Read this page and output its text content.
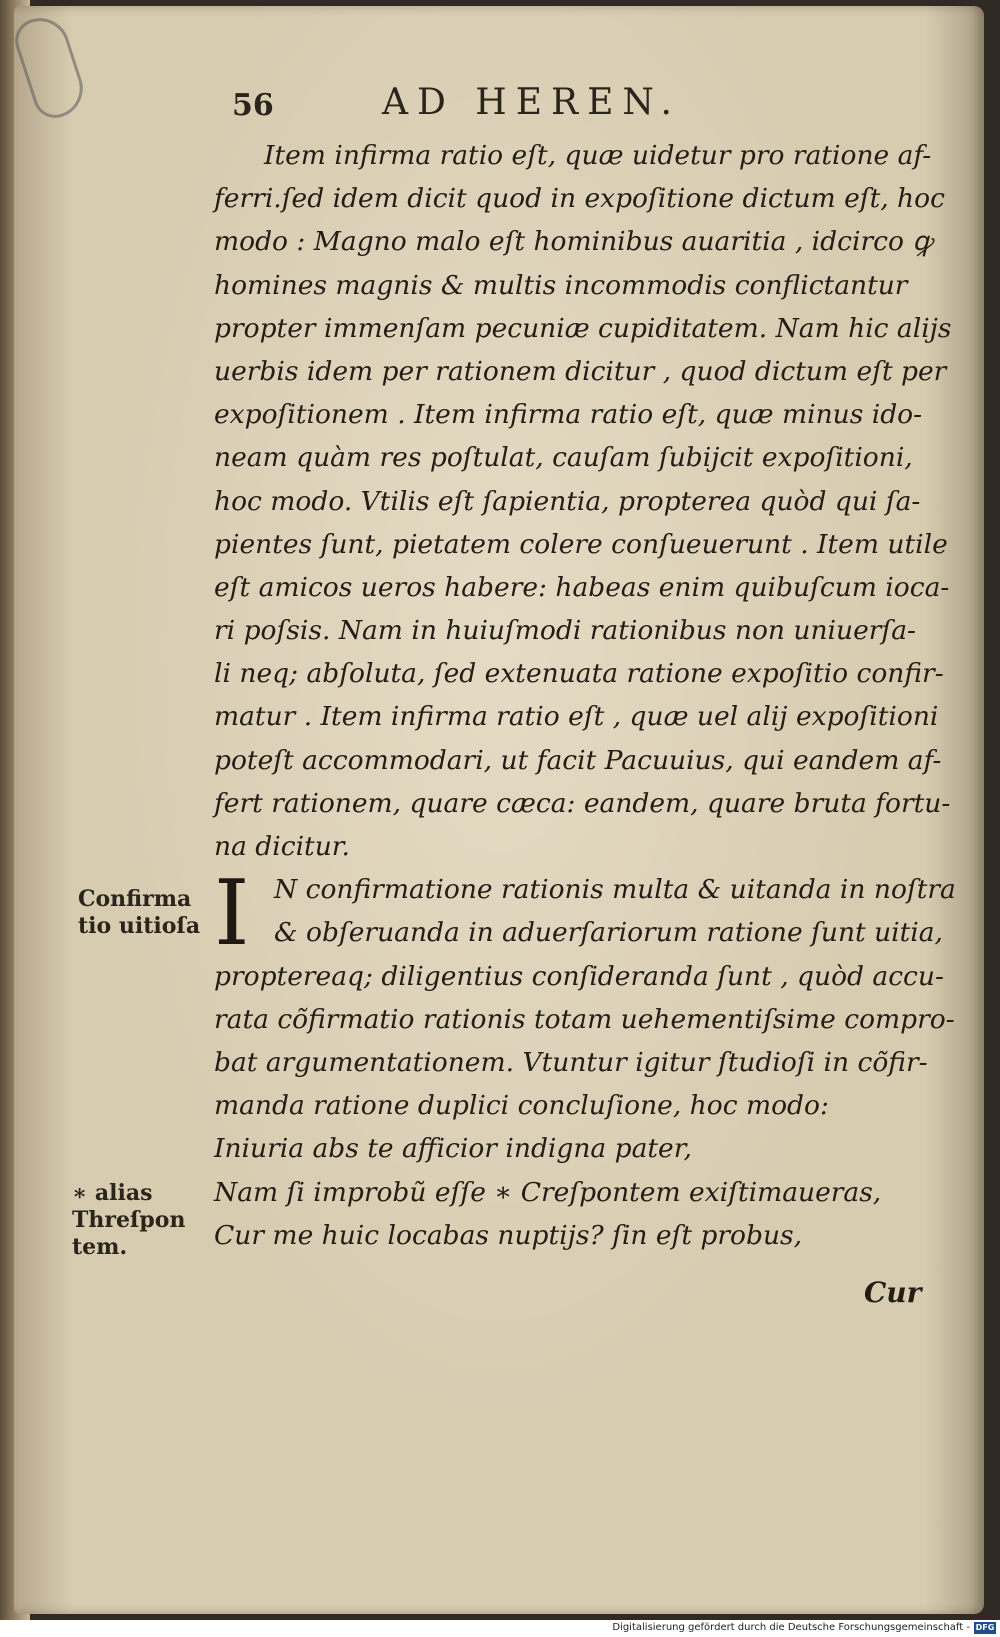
56	AD HEREN.
Item infirma ratio eſt, quæ uidetur pro ratione af-
ferri.ſed idem dicit quod in expoſitione dictum eſt, hoc
modo : Magno malo eſt hominibus auaritia , idcirco ꝙ
homines magnis & multis incommodis conflictantur
propter immenſam pecuniæ cupiditatem. Nam hic aliјs
uerbis idem per rationem dicitur , quod dictum eſt per
expoſitionem . Item infirma ratio eſt, quæ minus ido-
neam quàm res poſtulat, cauſam ſubijcit expoſitioni,
hoc modo. Vtilis eſt ſapientia, propterea quòd qui ſa-
pientes ſunt, pietatem colere conſueuerunt . Item utile
eſt amicos ueros habere: habeas enim quibuſcum ioca-
ri poſsis. Nam in huiuſmodi rationibus non uniuerſa-
li neq; abſoluta, ſed extenuata ratione expoſitio confir-
matur . Item infirma ratio eſt , quæ uel alij expoſitioni
poteſt accommodari, ut facit Pacuuius, qui eandem af-
fert rationem, quare cæca: eandem, quare bruta fortu-
na dicitur.
I N confirmatione rationis multa & uitanda in noſtra
& obſeruanda in aduerſariorum ratione ſunt uitia,
proptereaq; diligentius conſideranda ſunt , quòd accu-
rata cõfirmatio rationis totam uehementiſsime compro-
bat argumentationem. Vtuntur igitur ſtudioſi in cõfir-
manda ratione duplici concluſione, hoc modo:
Iniuria abs te afficior indigna pater,
Nam ſi improbũ eſſe ∗ Creſpontem exiſtimaueras,
Cur me huic locabas nuptijs? ſin eſt probus,
Confirma
tio uitioſa
∗ alias
Threſpon
tem.
Cur
Digitalisierung gefördert durch die Deutsche Forschungsgemeinschaft - DFG
